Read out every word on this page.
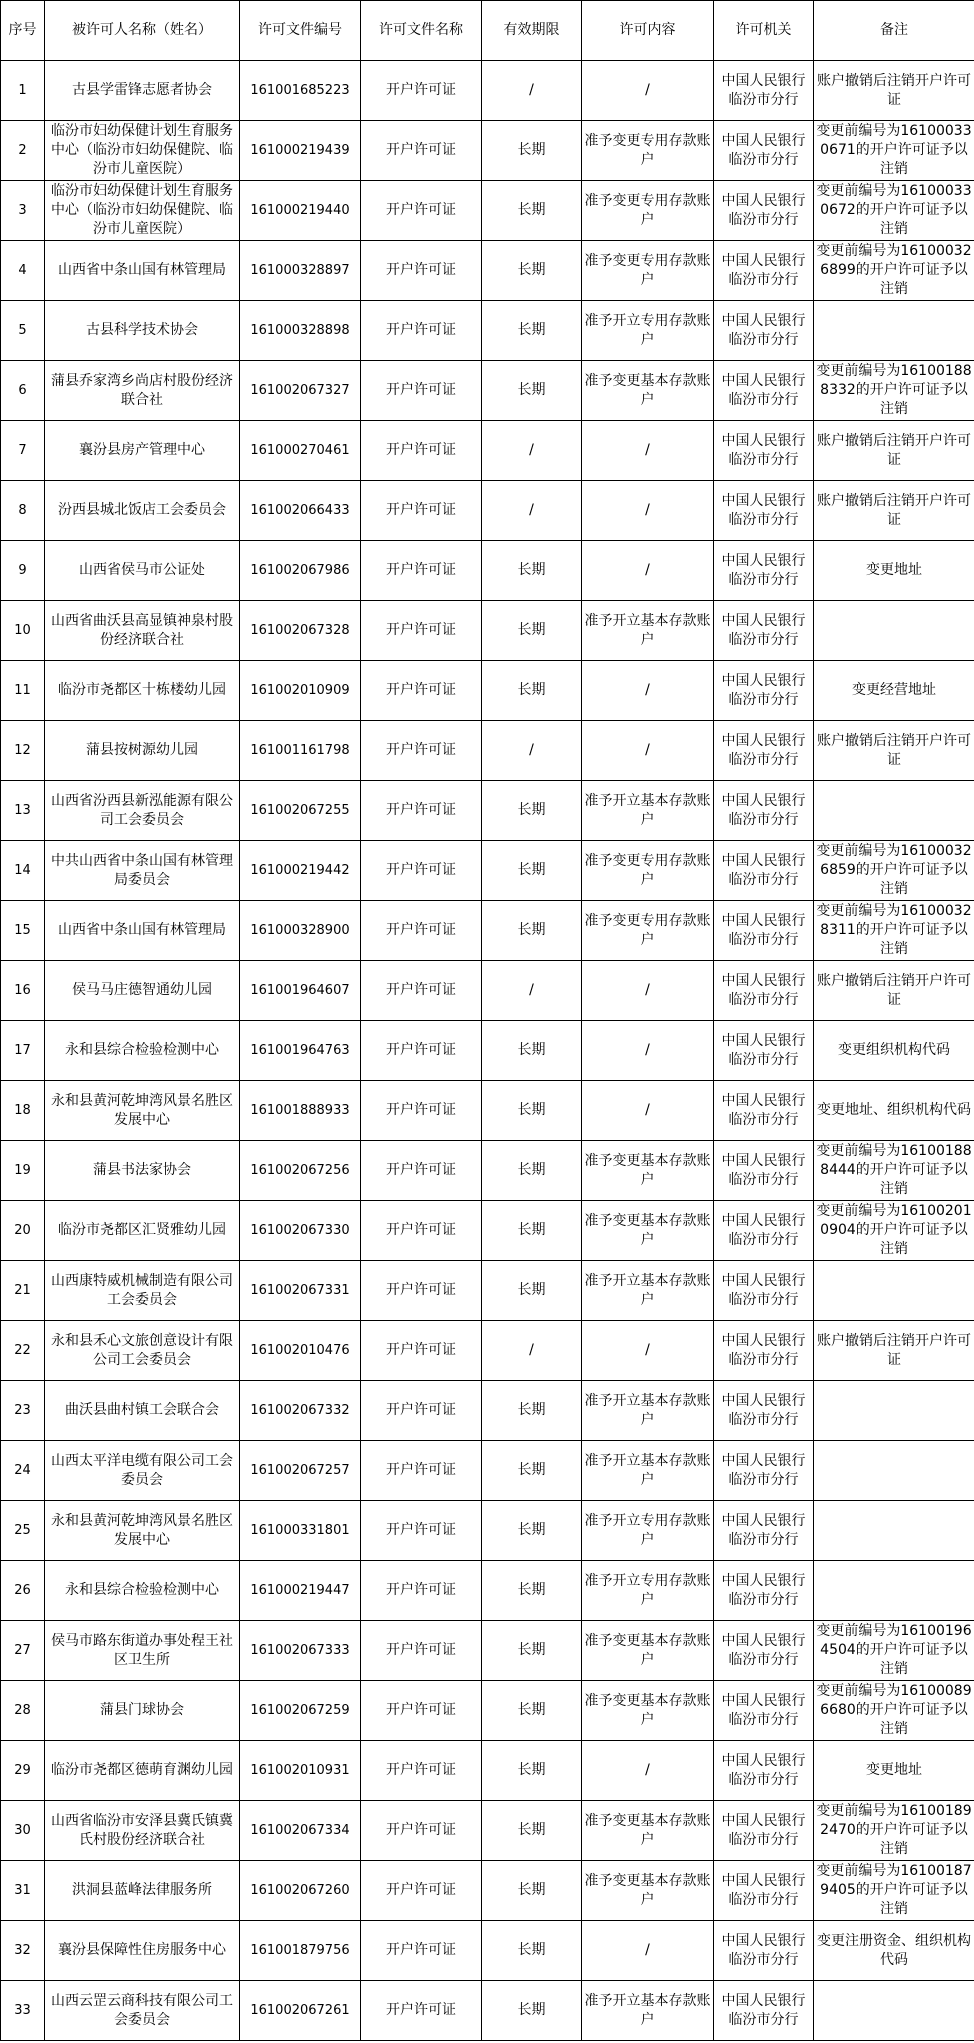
序号	被许可人名称（姓名）	许可文件编号	许可文件名称	有效期限	许可内容	许可机关	备注
1	古县学雷锋志愿者协会	161001685223	开户许可证	/	/	中国人民银行临汾市分行	账户撤销后注销开户许可证
2	临汾市妇幼保健计划生育服务中心（临汾市妇幼保健院、临汾市儿童医院）	161000219439	开户许可证	长期	准予变更专用存款账户	中国人民银行临汾市分行	变更前编号为161000330671的开户许可证予以注销
3	临汾市妇幼保健计划生育服务中心（临汾市妇幼保健院、临汾市儿童医院）	161000219440	开户许可证	长期	准予变更专用存款账户	中国人民银行临汾市分行	变更前编号为161000330672的开户许可证予以注销
4	山西省中条山国有林管理局	161000328897	开户许可证	长期	准予变更专用存款账户	中国人民银行临汾市分行	变更前编号为161000326899的开户许可证予以注销
5	古县科学技术协会	161000328898	开户许可证	长期	准予开立专用存款账户	中国人民银行临汾市分行	
6	蒲县乔家湾乡尚店村股份经济联合社	161002067327	开户许可证	长期	准予变更基本存款账户	中国人民银行临汾市分行	变更前编号为161001888332的开户许可证予以注销
7	襄汾县房产管理中心	161000270461	开户许可证	/	/	中国人民银行临汾市分行	账户撤销后注销开户许可证
8	汾西县城北饭店工会委员会	161002066433	开户许可证	/	/	中国人民银行临汾市分行	账户撤销后注销开户许可证
9	山西省侯马市公证处	161002067986	开户许可证	长期	/	中国人民银行临汾市分行	变更地址
10	山西省曲沃县高显镇神泉村股份经济联合社	161002067328	开户许可证	长期	准予开立基本存款账户	中国人民银行临汾市分行	
11	临汾市尧都区十栋楼幼儿园	161002010909	开户许可证	长期	/	中国人民银行临汾市分行	变更经营地址
12	蒲县按树源幼儿园	161001161798	开户许可证	/	/	中国人民银行临汾市分行	账户撤销后注销开户许可证
13	山西省汾西县新泓能源有限公司工会委员会	161002067255	开户许可证	长期	准予开立基本存款账户	中国人民银行临汾市分行	
14	中共山西省中条山国有林管理局委员会	161000219442	开户许可证	长期	准予变更专用存款账户	中国人民银行临汾市分行	变更前编号为161000326859的开户许可证予以注销
15	山西省中条山国有林管理局	161000328900	开户许可证	长期	准予变更专用存款账户	中国人民银行临汾市分行	变更前编号为161000328311的开户许可证予以注销
16	侯马马庄德智通幼儿园	161001964607	开户许可证	/	/	中国人民银行临汾市分行	账户撤销后注销开户许可证
17	永和县综合检验检测中心	161001964763	开户许可证	长期	/	中国人民银行临汾市分行	变更组织机构代码
18	永和县黄河乾坤湾风景名胜区发展中心	161001888933	开户许可证	长期	/	中国人民银行临汾市分行	变更地址、组织机构代码
19	蒲县书法家协会	161002067256	开户许可证	长期	准予变更基本存款账户	中国人民银行临汾市分行	变更前编号为161001888444的开户许可证予以注销
20	临汾市尧都区汇贤雅幼儿园	161002067330	开户许可证	长期	准予变更基本存款账户	中国人民银行临汾市分行	变更前编号为161002010904的开户许可证予以注销
21	山西康特威机械制造有限公司工会委员会	161002067331	开户许可证	长期	准予开立基本存款账户	中国人民银行临汾市分行	
22	永和县禾心文旅创意设计有限公司工会委员会	161002010476	开户许可证	/	/	中国人民银行临汾市分行	账户撤销后注销开户许可证
23	曲沃县曲村镇工会联合会	161002067332	开户许可证	长期	准予开立基本存款账户	中国人民银行临汾市分行	
24	山西太平洋电缆有限公司工会委员会	161002067257	开户许可证	长期	准予开立基本存款账户	中国人民银行临汾市分行	
25	永和县黄河乾坤湾风景名胜区发展中心	161000331801	开户许可证	长期	准予开立专用存款账户	中国人民银行临汾市分行	
26	永和县综合检验检测中心	161000219447	开户许可证	长期	准予开立专用存款账户	中国人民银行临汾市分行	
27	侯马市路东街道办事处程王社区卫生所	161002067333	开户许可证	长期	准予变更基本存款账户	中国人民银行临汾市分行	变更前编号为161001964504的开户许可证予以注销
28	蒲县门球协会	161002067259	开户许可证	长期	准予变更基本存款账户	中国人民银行临汾市分行	变更前编号为161000896680的开户许可证予以注销
29	临汾市尧都区德萌育渊幼儿园	161002010931	开户许可证	长期	/	中国人民银行临汾市分行	变更地址
30	山西省临汾市安泽县冀氏镇冀氏村股份经济联合社	161002067334	开户许可证	长期	准予变更基本存款账户	中国人民银行临汾市分行	变更前编号为161001892470的开户许可证予以注销
31	洪洞县蓝峰法律服务所	161002067260	开户许可证	长期	准予变更基本存款账户	中国人民银行临汾市分行	变更前编号为161001879405的开户许可证予以注销
32	襄汾县保障性住房服务中心	161001879756	开户许可证	长期	/	中国人民银行临汾市分行	变更注册资金、组织机构代码
33	山西云罡云商科技有限公司工会委员会	161002067261	开户许可证	长期	准予开立基本存款账户	中国人民银行临汾市分行	
